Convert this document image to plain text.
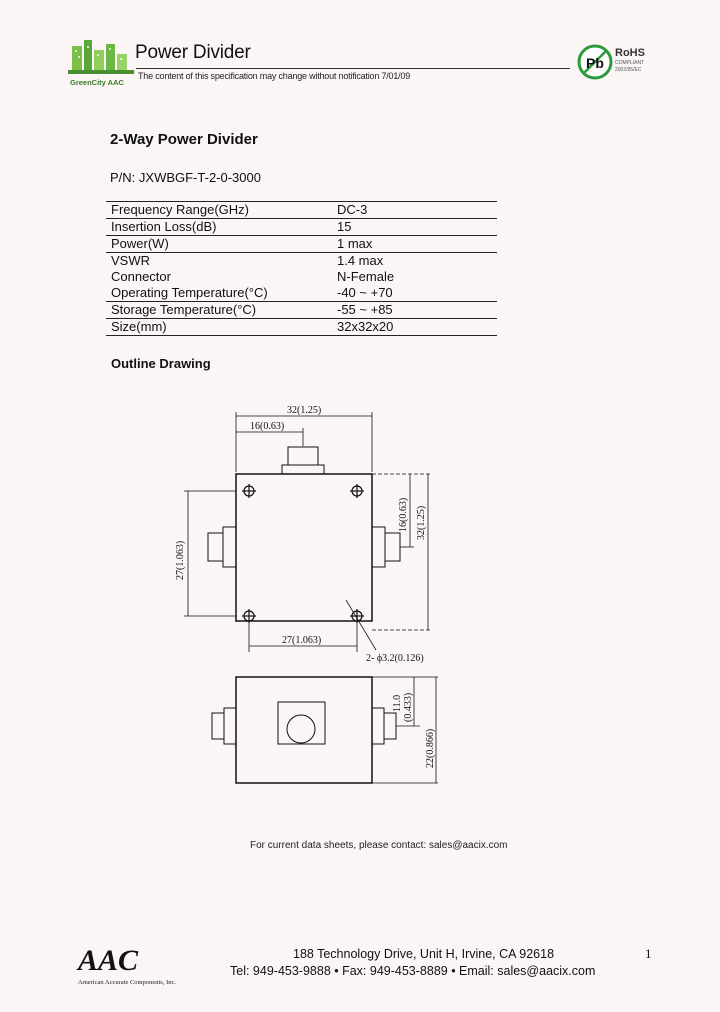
GreenCity AAC
Power Divider
The content of this specification may change without notification 7/01/09
Pb
RoHS
COMPLIANT
2002/95/EC
2-Way Power Divider
P/N: JXWBGF-T-2-0-3000
Frequency Range(GHz)	DC-3
Insertion Loss(dB)	15
Power(W)	1 max
VSWR	1.4 max
Connector	N-Female
Operating Temperature(°C)	-40 ~ +70
Storage Temperature(°C)	-55 ~ +85
Size(mm)	32x32x20
Outline Drawing
32(1.25)
16(0.63)
27(1.063)
16(0.63) 32(1.25)
27(1.063)
2- ϕ3.2(0.126)
11.0 (0.433)
22(0.866)
For current data sheets, please contact: sales@aacix.com
AAC
American Accurate Components, Inc.
188 Technology Drive, Unit H, Irvine, CA 92618
Tel: 949-453-9888 • Fax: 949-453-8889 • Email: sales@aacix.com
1
